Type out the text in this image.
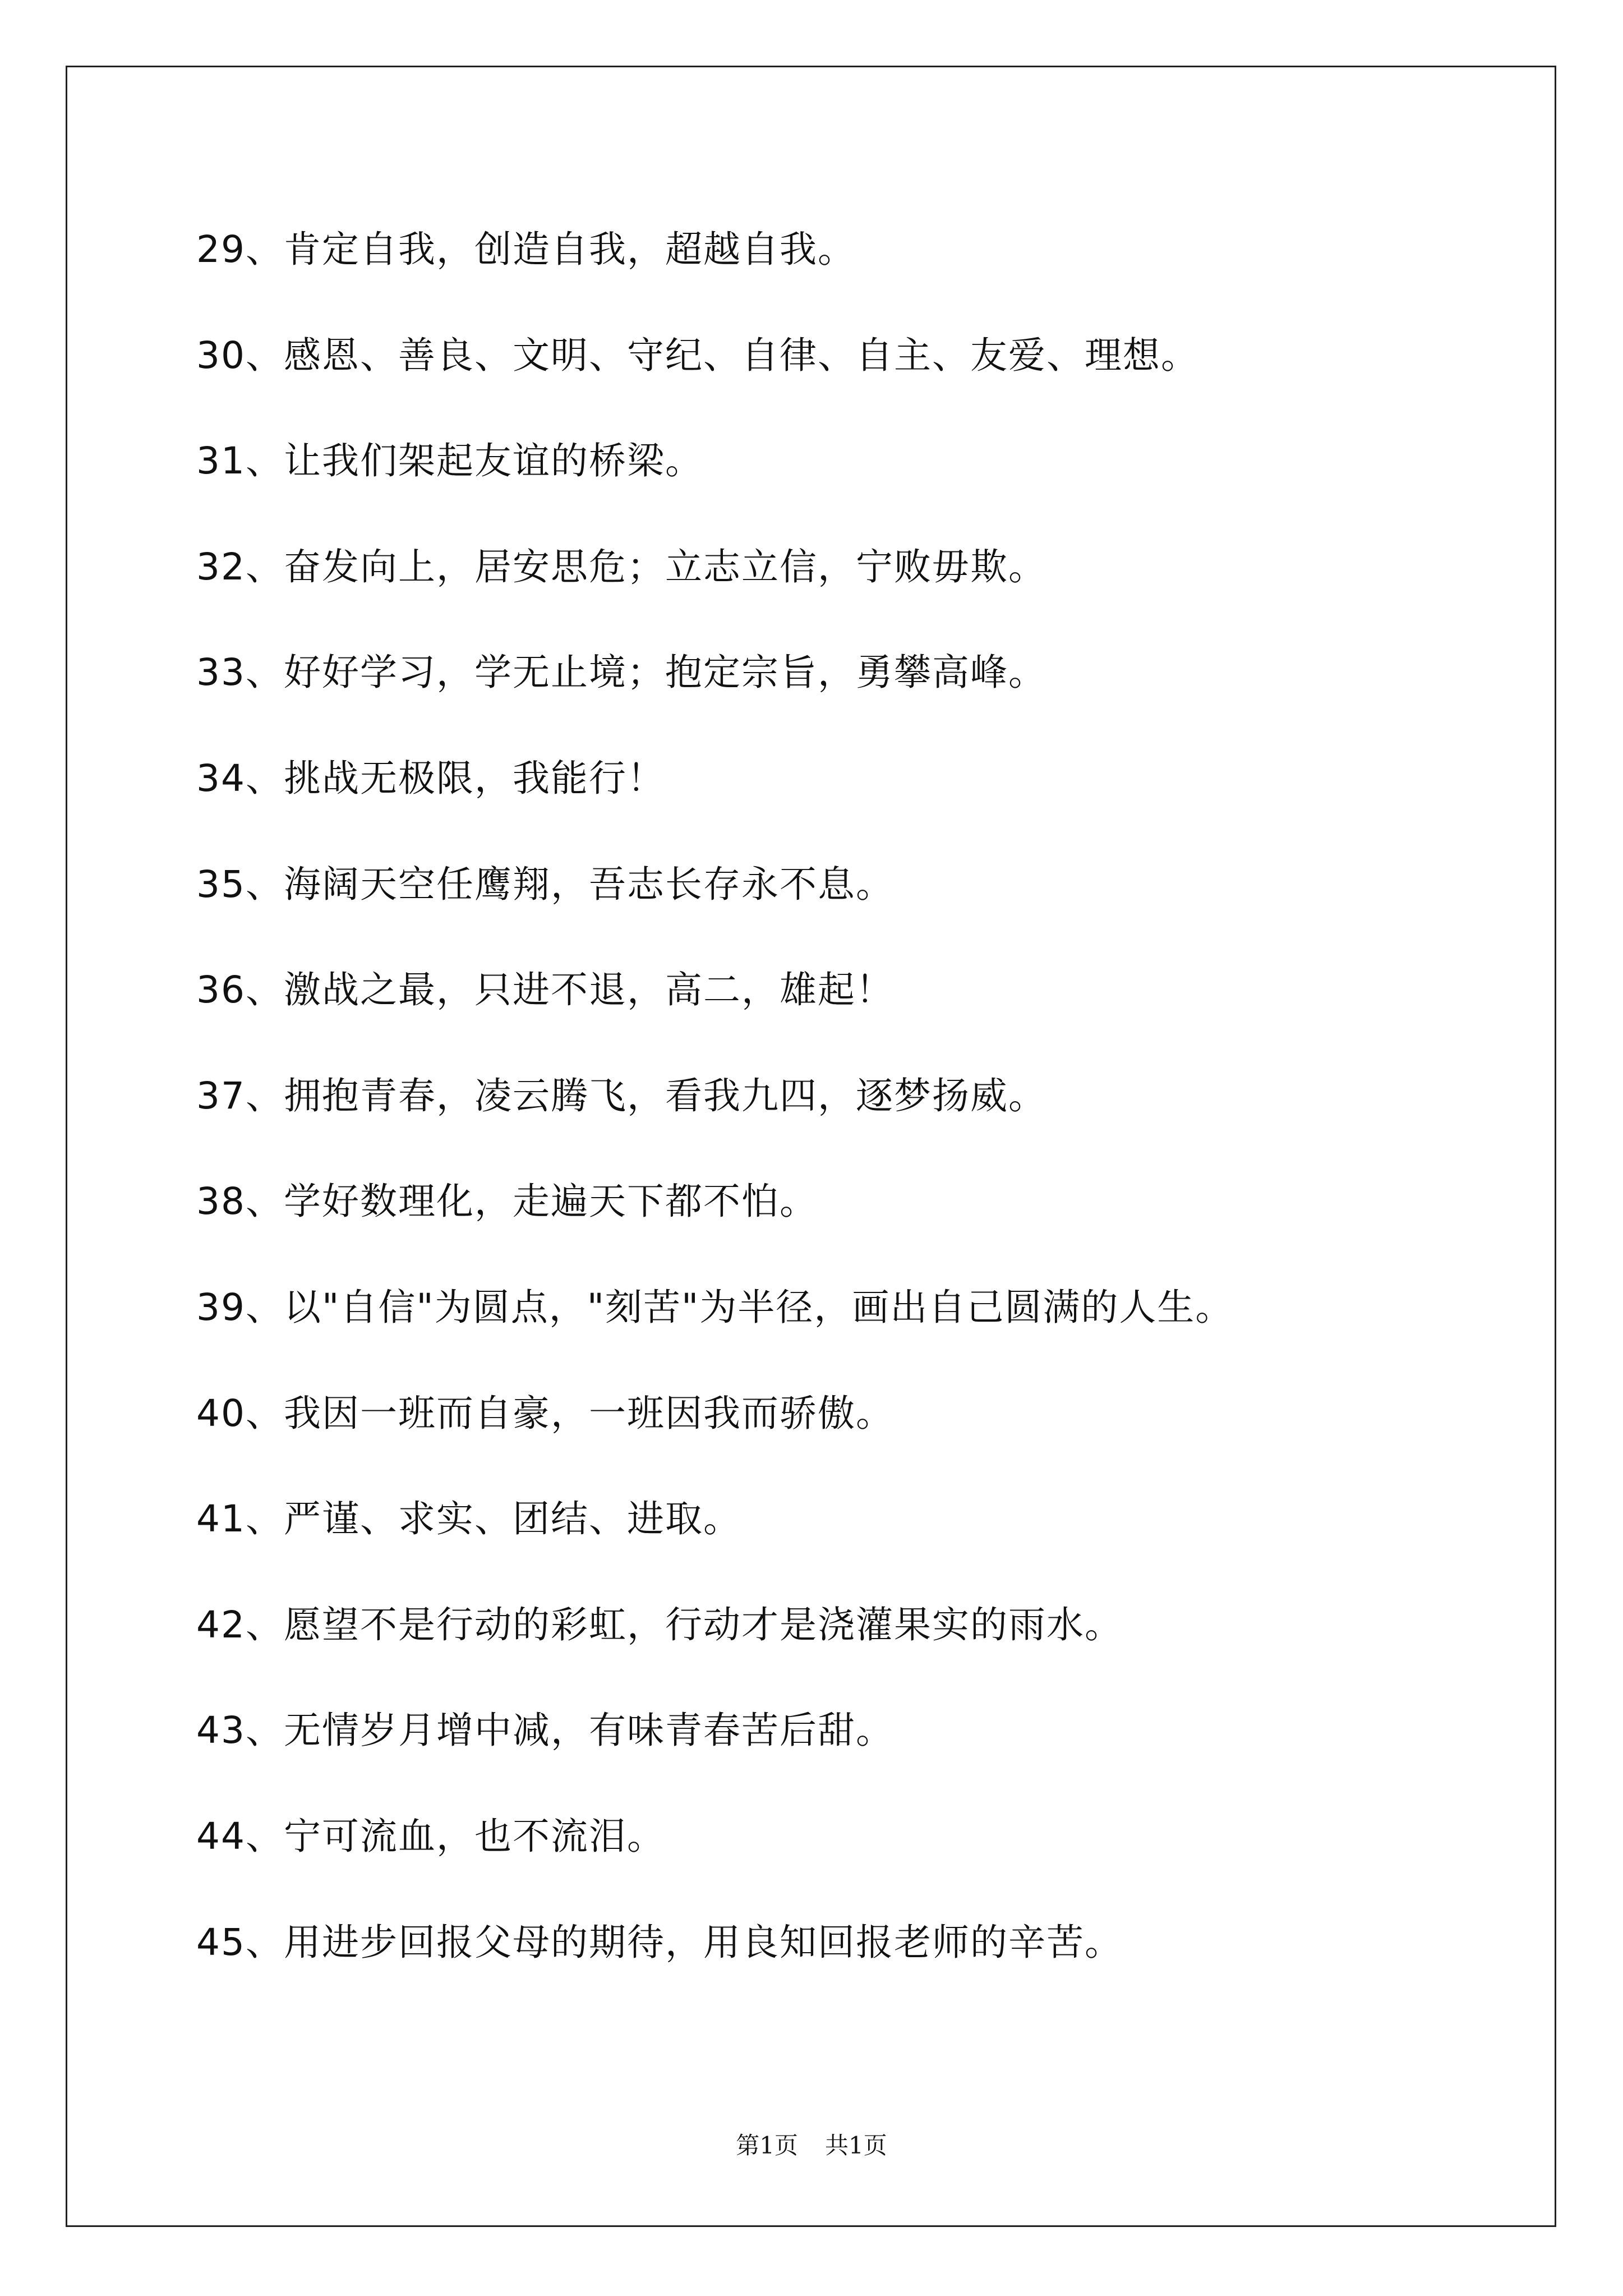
29、肯定自我，创造自我，超越自我。
30、感恩、善良、文明、守纪、自律、自主、友爱、理想。
31、让我们架起友谊的桥梁。
32、奋发向上，居安思危；立志立信，宁败毋欺。
33、好好学习，学无止境；抱定宗旨，勇攀高峰。
34、挑战无极限，我能行！
35、海阔天空任鹰翔，吾志长存永不息。
36、激战之最，只进不退，高二，雄起！
37、拥抱青春，凌云腾飞，看我九四，逐梦扬威。
38、学好数理化，走遍天下都不怕。
39、以"自信"为圆点，"刻苦"为半径，画出自己圆满的人生。
40、我因一班而自豪，一班因我而骄傲。
41、严谨、求实、团结、进取。
42、愿望不是行动的彩虹，行动才是浇灌果实的雨水。
43、无情岁月增中减，有味青春苦后甜。
44、宁可流血，也不流泪。
45、用进步回报父母的期待，用良知回报老师的辛苦。
第1页 共1页
